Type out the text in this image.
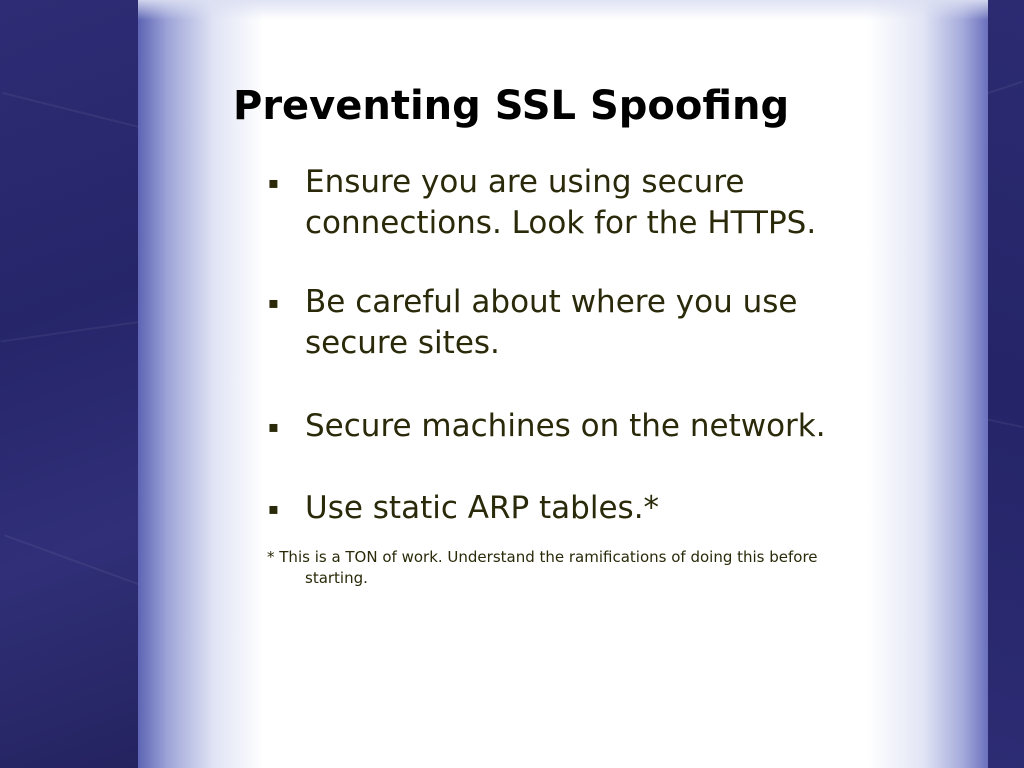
Preventing SSL Spoofing
▪ Ensure you are using secure
connections. Look for the HTTPS.
▪ Be careful about where you use
secure sites.
▪ Secure machines on the network.
▪ Use static ARP tables.*

* This is a TON of work. Understand the ramifications of doing this before
starting.
